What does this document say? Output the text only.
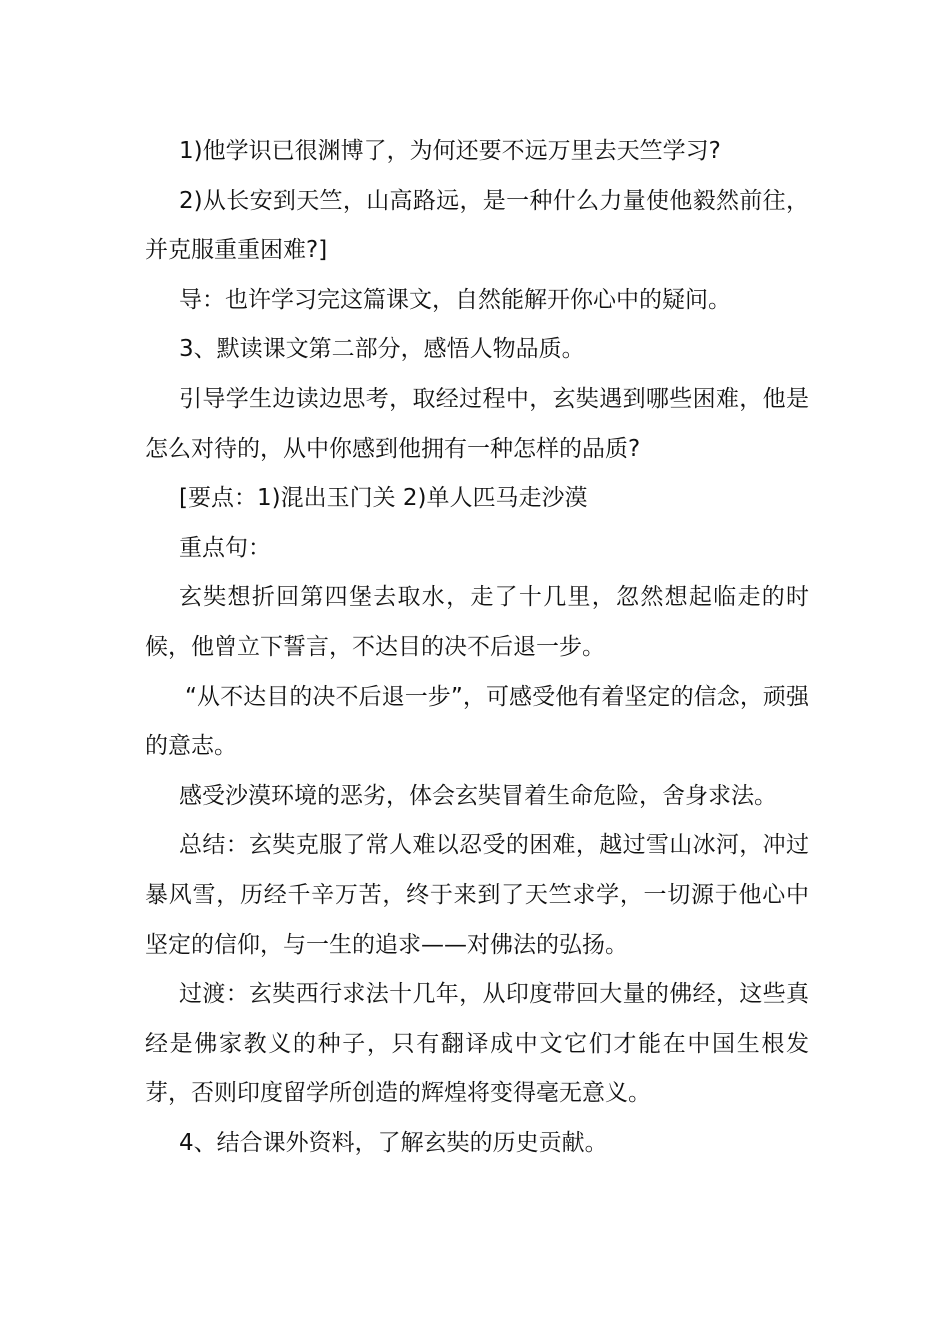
1)他学识已很渊博了，为何还要不远万里去天竺学习?

2)从长安到天竺，山高路远，是一种什么力量使他毅然前往，并克服重重困难?]

导：也许学习完这篇课文，自然能解开你心中的疑问。

3、默读课文第二部分，感悟人物品质。

引导学生边读边思考，取经过程中，玄奘遇到哪些困难，他是怎么对待的，从中你感到他拥有一种怎样的品质?

[要点：1)混出玉门关 2)单人匹马走沙漠

重点句：

玄奘想折回第四堡去取水，走了十几里，忽然想起临走的时候，他曾立下誓言，不达目的决不后退一步。

“从不达目的决不后退一步”，可感受他有着坚定的信念，顽强的意志。

感受沙漠环境的恶劣，体会玄奘冒着生命危险，舍身求法。

总结：玄奘克服了常人难以忍受的困难，越过雪山冰河，冲过暴风雪，历经千辛万苦，终于来到了天竺求学，一切源于他心中坚定的信仰，与一生的追求——对佛法的弘扬。

过渡：玄奘西行求法十几年，从印度带回大量的佛经，这些真经是佛家教义的种子，只有翻译成中文它们才能在中国生根发芽，否则印度留学所创造的辉煌将变得毫无意义。

4、结合课外资料，了解玄奘的历史贡献。
